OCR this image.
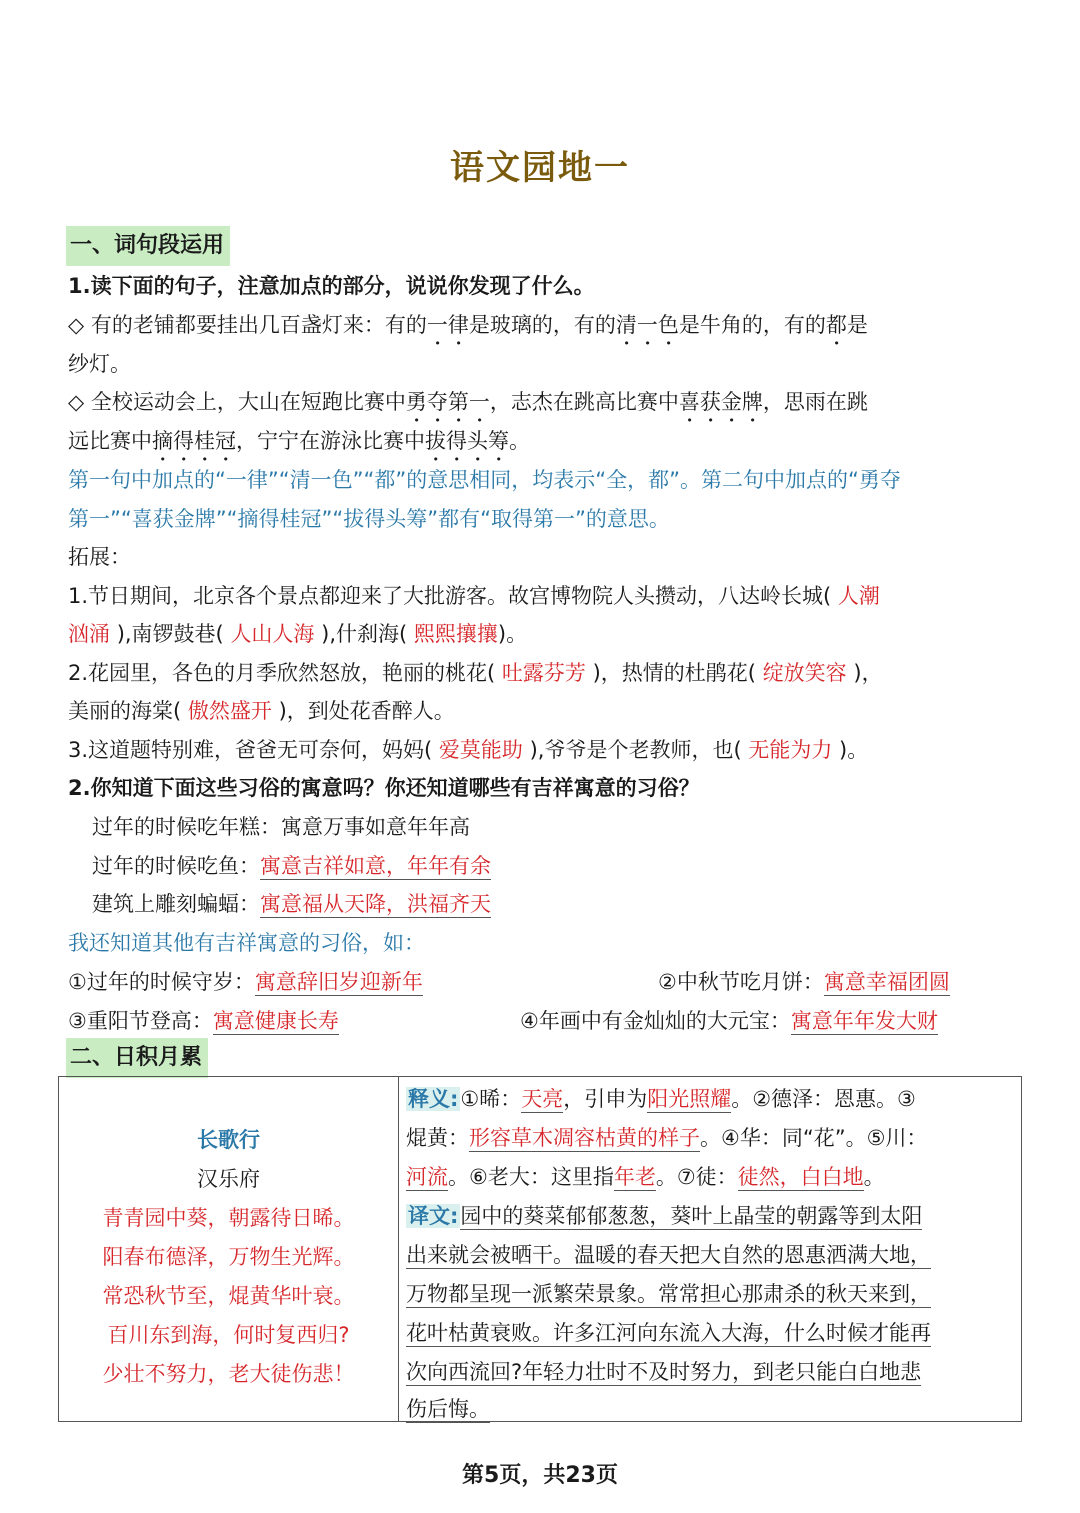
语文园地一
一、词句段运用
1.读下面的句子，注意加点的部分，说说你发现了什么。
◇ 有的老铺都要挂出几百盏灯来：有的一律是玻璃的，有的清一色是牛角的，有的都是
纱灯。
◇ 全校运动会上，大山在短跑比赛中勇夺第一，志杰在跳高比赛中喜获金牌，思雨在跳
远比赛中摘得桂冠，宁宁在游泳比赛中拔得头筹。
第一句中加点的“一律”“清一色”“都”的意思相同，均表示“全，都”。第二句中加点的“勇夺
第一”“喜获金牌”“摘得桂冠”“拔得头筹”都有“取得第一”的意思。
拓展：
1.节日期间，北京各个景点都迎来了大批游客。故宫博物院人头攒动，八达岭长城( 人潮
汹涌 ),南锣鼓巷( 人山人海 ),什刹海( 熙熙攘攘)。
2.花园里，各色的月季欣然怒放，艳丽的桃花( 吐露芬芳 )，热情的杜鹃花( 绽放笑容 )，
美丽的海棠( 傲然盛开 )，到处花香醉人。
3.这道题特别难，爸爸无可奈何，妈妈( 爱莫能助 ),爷爷是个老教师，也( 无能为力 )。
2.你知道下面这些习俗的寓意吗？你还知道哪些有吉祥寓意的习俗？
过年的时候吃年糕：寓意万事如意年年高
过年的时候吃鱼：寓意吉祥如意，年年有余
建筑上雕刻蝙蝠：寓意福从天降，洪福齐天
我还知道其他有吉祥寓意的习俗，如：
①过年的时候守岁：寓意辞旧岁迎新年	②中秋节吃月饼：寓意幸福团圆
③重阳节登高：寓意健康长寿	④年画中有金灿灿的大元宝：寓意年年发大财
二、日积月累
长歌行
汉乐府
青青园中葵，朝露待日晞。
阳春布德泽，万物生光辉。
常恐秋节至，焜黄华叶衰。
百川东到海，何时复西归?
少壮不努力，老大徒伤悲！
释义:①晞：天亮，引申为阳光照耀。②德泽：恩惠。③
焜黄：形容草木凋容枯黄的样子。④华：同“花”。⑤川：
河流。⑥老大：这里指年老。⑦徒：徒然，白白地。
译文:园中的葵菜郁郁葱葱，葵叶上晶莹的朝露等到太阳
出来就会被晒干。温暖的春天把大自然的恩惠洒满大地，
万物都呈现一派繁荣景象。常常担心那肃杀的秋天来到，
花叶枯黄衰败。许多江河向东流入大海，什么时候才能再
次向西流回?年轻力壮时不及时努力，到老只能白白地悲
伤后悔。
第5页，共23页
